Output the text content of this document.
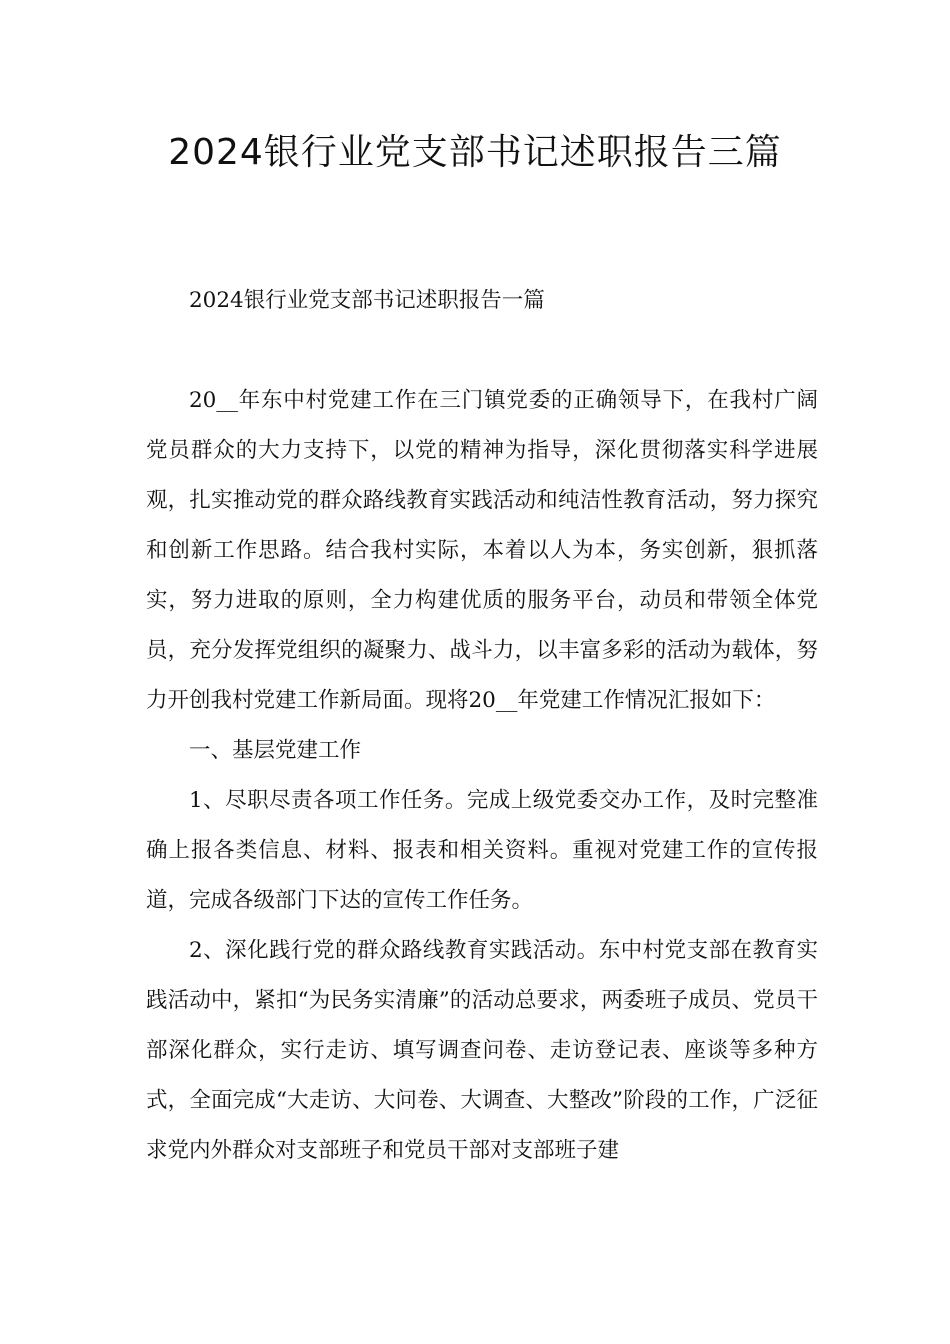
2024银行业党支部书记述职报告三篇
2024银行业党支部书记述职报告一篇

20__年东中村党建工作在三门镇党委的正确领导下，在我村广阔党员群众的大力支持下，以党的精神为指导，深化贯彻落实科学进展观，扎实推动党的群众路线教育实践活动和纯洁性教育活动，努力探究和创新工作思路。结合我村实际，本着以人为本，务实创新，狠抓落实，努力进取的原则，全力构建优质的服务平台，动员和带领全体党员，充分发挥党组织的凝聚力、战斗力，以丰富多彩的活动为载体，努力开创我村党建工作新局面。现将20__年党建工作情况汇报如下：

一、基层党建工作

1、尽职尽责各项工作任务。完成上级党委交办工作，及时完整准确上报各类信息、材料、报表和相关资料。重视对党建工作的宣传报道，完成各级部门下达的宣传工作任务。

2、深化践行党的群众路线教育实践活动。东中村党支部在教育实践活动中，紧扣“为民务实清廉”的活动总要求，两委班子成员、党员干部深化群众，实行走访、填写调查问卷、走访登记表、座谈等多种方式，全面完成“大走访、大问卷、大调查、大整改”阶段的工作，广泛征求党内外群众对支部班子和党员干部对支部班子建
